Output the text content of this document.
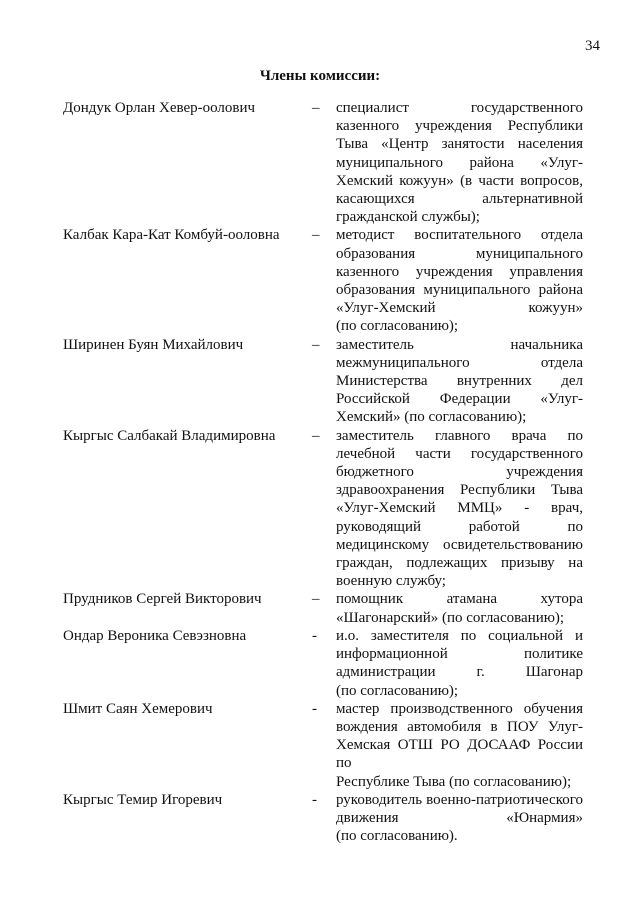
34
Члены комиссии:
Дондук Орлан Хевер-оолович	–	специалист государственного
казенного учреждения Республики
Тыва «Центр занятости населения
муниципального района «Улуг-
Хемский кожуун» (в части вопросов,
касающихся альтернативной
гражданской службы);
Калбак Кара-Кат Комбуй-ооловна	–	методист воспитательного отдела
образования муниципального
казенного учреждения управления
образования муниципального района
«Улуг-Хемский кожуун»
(по согласованию);
Ширинен Буян Михайлович	–	заместитель начальника
межмуниципального отдела
Министерства внутренних дел
Российской Федерации «Улуг-
Хемский» (по согласованию);
Кыргыс Салбакай Владимировна	–	заместитель главного врача по
лечебной части государственного
бюджетного учреждения
здравоохранения Республики Тыва
«Улуг-Хемский ММЦ» - врач,
руководящий работой по
медицинскому освидетельствованию
граждан, подлежащих призыву на
военную службу;
Прудников Сергей Викторович	–	помощник атамана хутора
«Шагонарский» (по согласованию);
Ондар Вероника Севэзновна	-	и.о. заместителя по социальной и
информационной политике
администрации г. Шагонар
(по согласованию);
Шмит Саян Хемерович	-	мастер производственного обучения
вождения автомобиля в ПОУ Улуг-
Хемская ОТШ РО ДОСААФ России по
Республике Тыва (по согласованию);
Кыргыс Темир Игоревич	-	руководитель военно-патриотического
движения «Юнармия»
(по согласованию).
